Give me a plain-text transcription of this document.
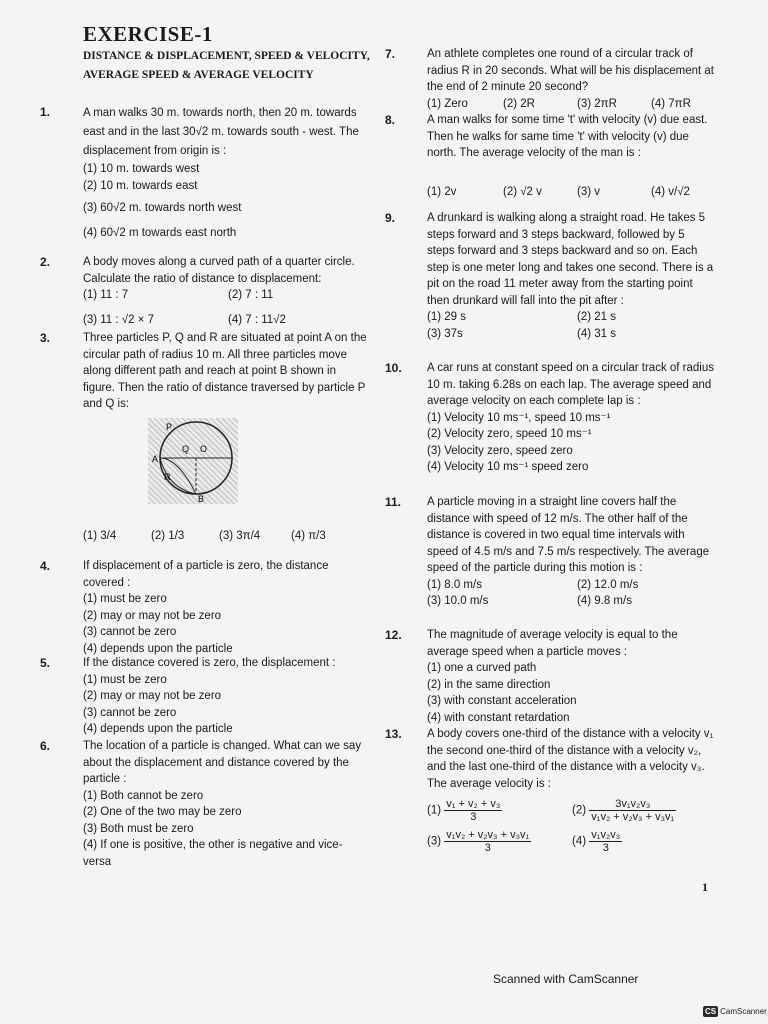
EXERCISE-1
DISTANCE & DISPLACEMENT, SPEED & VELOCITY, AVERAGE SPEED & AVERAGE VELOCITY
1.	A man walks 30 m. towards north, then 20 m. towards east and in the last 30√2 m. towards south - west. The displacement from origin is :
(1) 10 m. towards west
(2) 10 m. towards east
(3) 60√2 m. towards north west
(4) 60√2 m towards east north
2.	A body moves along a curved path of a quarter circle. Calculate the ratio of distance to displacement:
(1) 11 : 7	(2) 7 : 11
(3) 11 : √2 × 7	(4) 7 : 11√2
3.	Three particles P, Q and R are situated at point A on the circular path of radius 10 m. All three particles move along different path and reach at point B shown in figure. Then the ratio of distance traversed by particle P and Q is:
(1) 3/4	(2) 1/3	(3) 3π/4	(4) π/3
4.	If displacement of a particle is zero, the distance covered :
(1) must be zero
(2) may or may not be zero
(3) cannot be zero
(4) depends upon the particle
5.	If the distance covered is zero, the displacement :
(1) must be zero
(2) may or may not be zero
(3) cannot be zero
(4) depends upon the particle
6.	The location of a particle is changed. What can we say about the displacement and distance covered by the particle :
(1) Both cannot be zero
(2) One of the two may be zero
(3) Both must be zero
(4) If one is positive, the other is negative and vice-versa
P
Q O
A
R
B
7.	An athlete completes one round of a circular track of radius R in 20 seconds. What will be his displacement at the end of 2 minute 20 second?
(1) Zero	(2) 2R	(3) 2πR	(4) 7πR
8.	A man walks for some time 't' with velocity (v) due east. Then he walks for same time 't' with velocity (v) due north. The average velocity of the man is :
(1) 2v	(2) √2 v	(3) v	(4) v/√2
9.	A drunkard is walking along a straight road. He takes 5 steps forward and 3 steps backward, followed by 5 steps forward and 3 steps backward and so on. Each step is one meter long and takes one second. There is a pit on the road 11 meter away from the starting point then drunkard will fall into the pit after :
(1) 29 s	(2) 21 s
(3) 37s	(4) 31 s
10. A car runs at constant speed on a circular track of radius 10 m. taking 6.28s on each lap. The average speed and average velocity on each complete lap is :
(1) Velocity 10 ms⁻¹, speed 10 ms⁻¹
(2) Velocity zero, speed 10 ms⁻¹
(3) Velocity zero, speed zero
(4) Velocity 10 ms⁻¹ speed zero
11. A particle moving in a straight line covers half the distance with speed of 12 m/s. The other half of the distance is covered in two equal time intervals with speed of 4.5 m/s and 7.5 m/s respectively. The average speed of the particle during this motion is :
(1) 8.0 m/s	(2) 12.0 m/s
(3) 10.0 m/s	(4) 9.8 m/s
12. The magnitude of average velocity is equal to the average speed when a particle moves :
(1) one a curved path
(2) in the same direction
(3) with constant acceleration
(4) with constant retardation
13. A body covers one-third of the distance with a velocity v₁ the second one-third of the distance with a velocity v₂, and the last one-third of the distance with a velocity v₃. The average velocity is :
$(1) \frac{\text{v₁ + v₂ + v₃}}{3}$	$(2) \frac{\text{3v₁v₂v₃}}{\text{v₁v₂ + v₂v₃ + v₃v₁}}$
$(3) \frac{\text{v₁v₂ + v₂v₃ + v₃v₁}}{3}$	$(4) \frac{\text{v₁v₂v₃}}{3}$
1
Scanned with CamScanner
CS CamScanner
